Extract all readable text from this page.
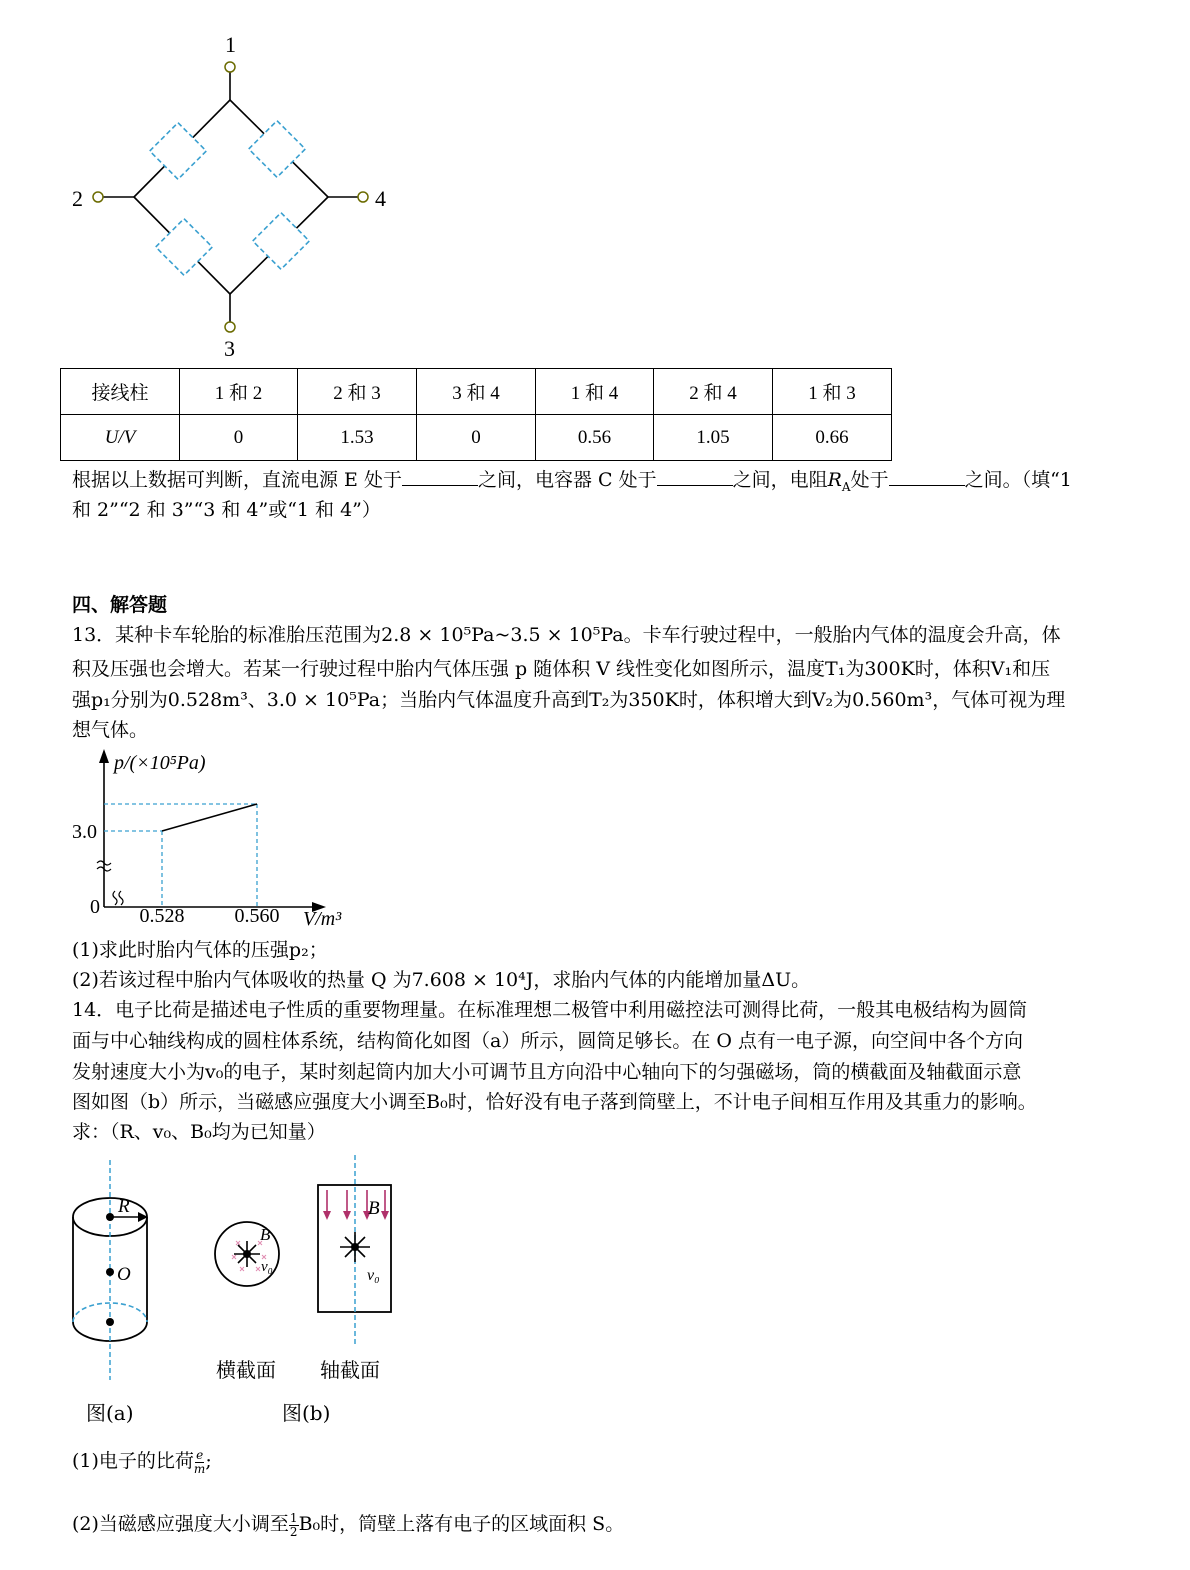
1
2
3
4
接线柱	1 和 2	2 和 3	3 和 4	1 和 4	2 和 4	1 和 3
U/V	0	1.53	0	0.56	1.05	0.66
根据以上数据可判断，直流电源 E 处于	之间，电容器 C 处于	之间，电阻$R_A$处于	之间。（填“1
和 2”“2 和 3”“3 和 4”或“1 和 4”）
四、解答题
13．某种卡车轮胎的标准胎压范围为2.8 × 10⁵Pa~3.5 × 10⁵Pa。卡车行驶过程中，一般胎内气体的温度会升高，体
积及压强也会增大。若某一行驶过程中胎内气体压强 p 随体积 V 线性变化如图所示，温度T₁为300K时，体积V₁和压
强p₁分别为0.528m³、3.0 × 10⁵Pa；当胎内气体温度升高到T₂为350K时，体积增大到V₂为0.560m³，气体可视为理
想气体。
p/(×10⁵Pa)
V/m³
0
3.0
0.528	0.560
(1)求此时胎内气体的压强p₂；
(2)若该过程中胎内气体吸收的热量 Q 为7.608 × 10⁴J，求胎内气体的内能增加量ΔU。
14．电子比荷是描述电子性质的重要物理量。在标准理想二极管中利用磁控法可测得比荷，一般其电极结构为圆筒
面与中心轴线构成的圆柱体系统，结构简化如图（a）所示，圆筒足够长。在 O 点有一电子源，向空间中各个方向
发射速度大小为v₀的电子，某时刻起筒内加大小可调节且方向沿中心轴向下的匀强磁场，筒的横截面及轴截面示意
图如图（b）所示，当磁感应强度大小调至B₀时，恰好没有电子落到筒壁上，不计电子间相互作用及其重力的影响。
求：（R、v₀、B₀均为已知量）
R
O
B
v₀
B
v₀
横截面 轴截面
图(a)	图(b)
(1)电子的比荷 $\frac{e}{m}$ ;
(2)当磁感应强度大小调至 $\frac{1}{2} B_0$时，筒壁上落有电子的区域面积 S。
